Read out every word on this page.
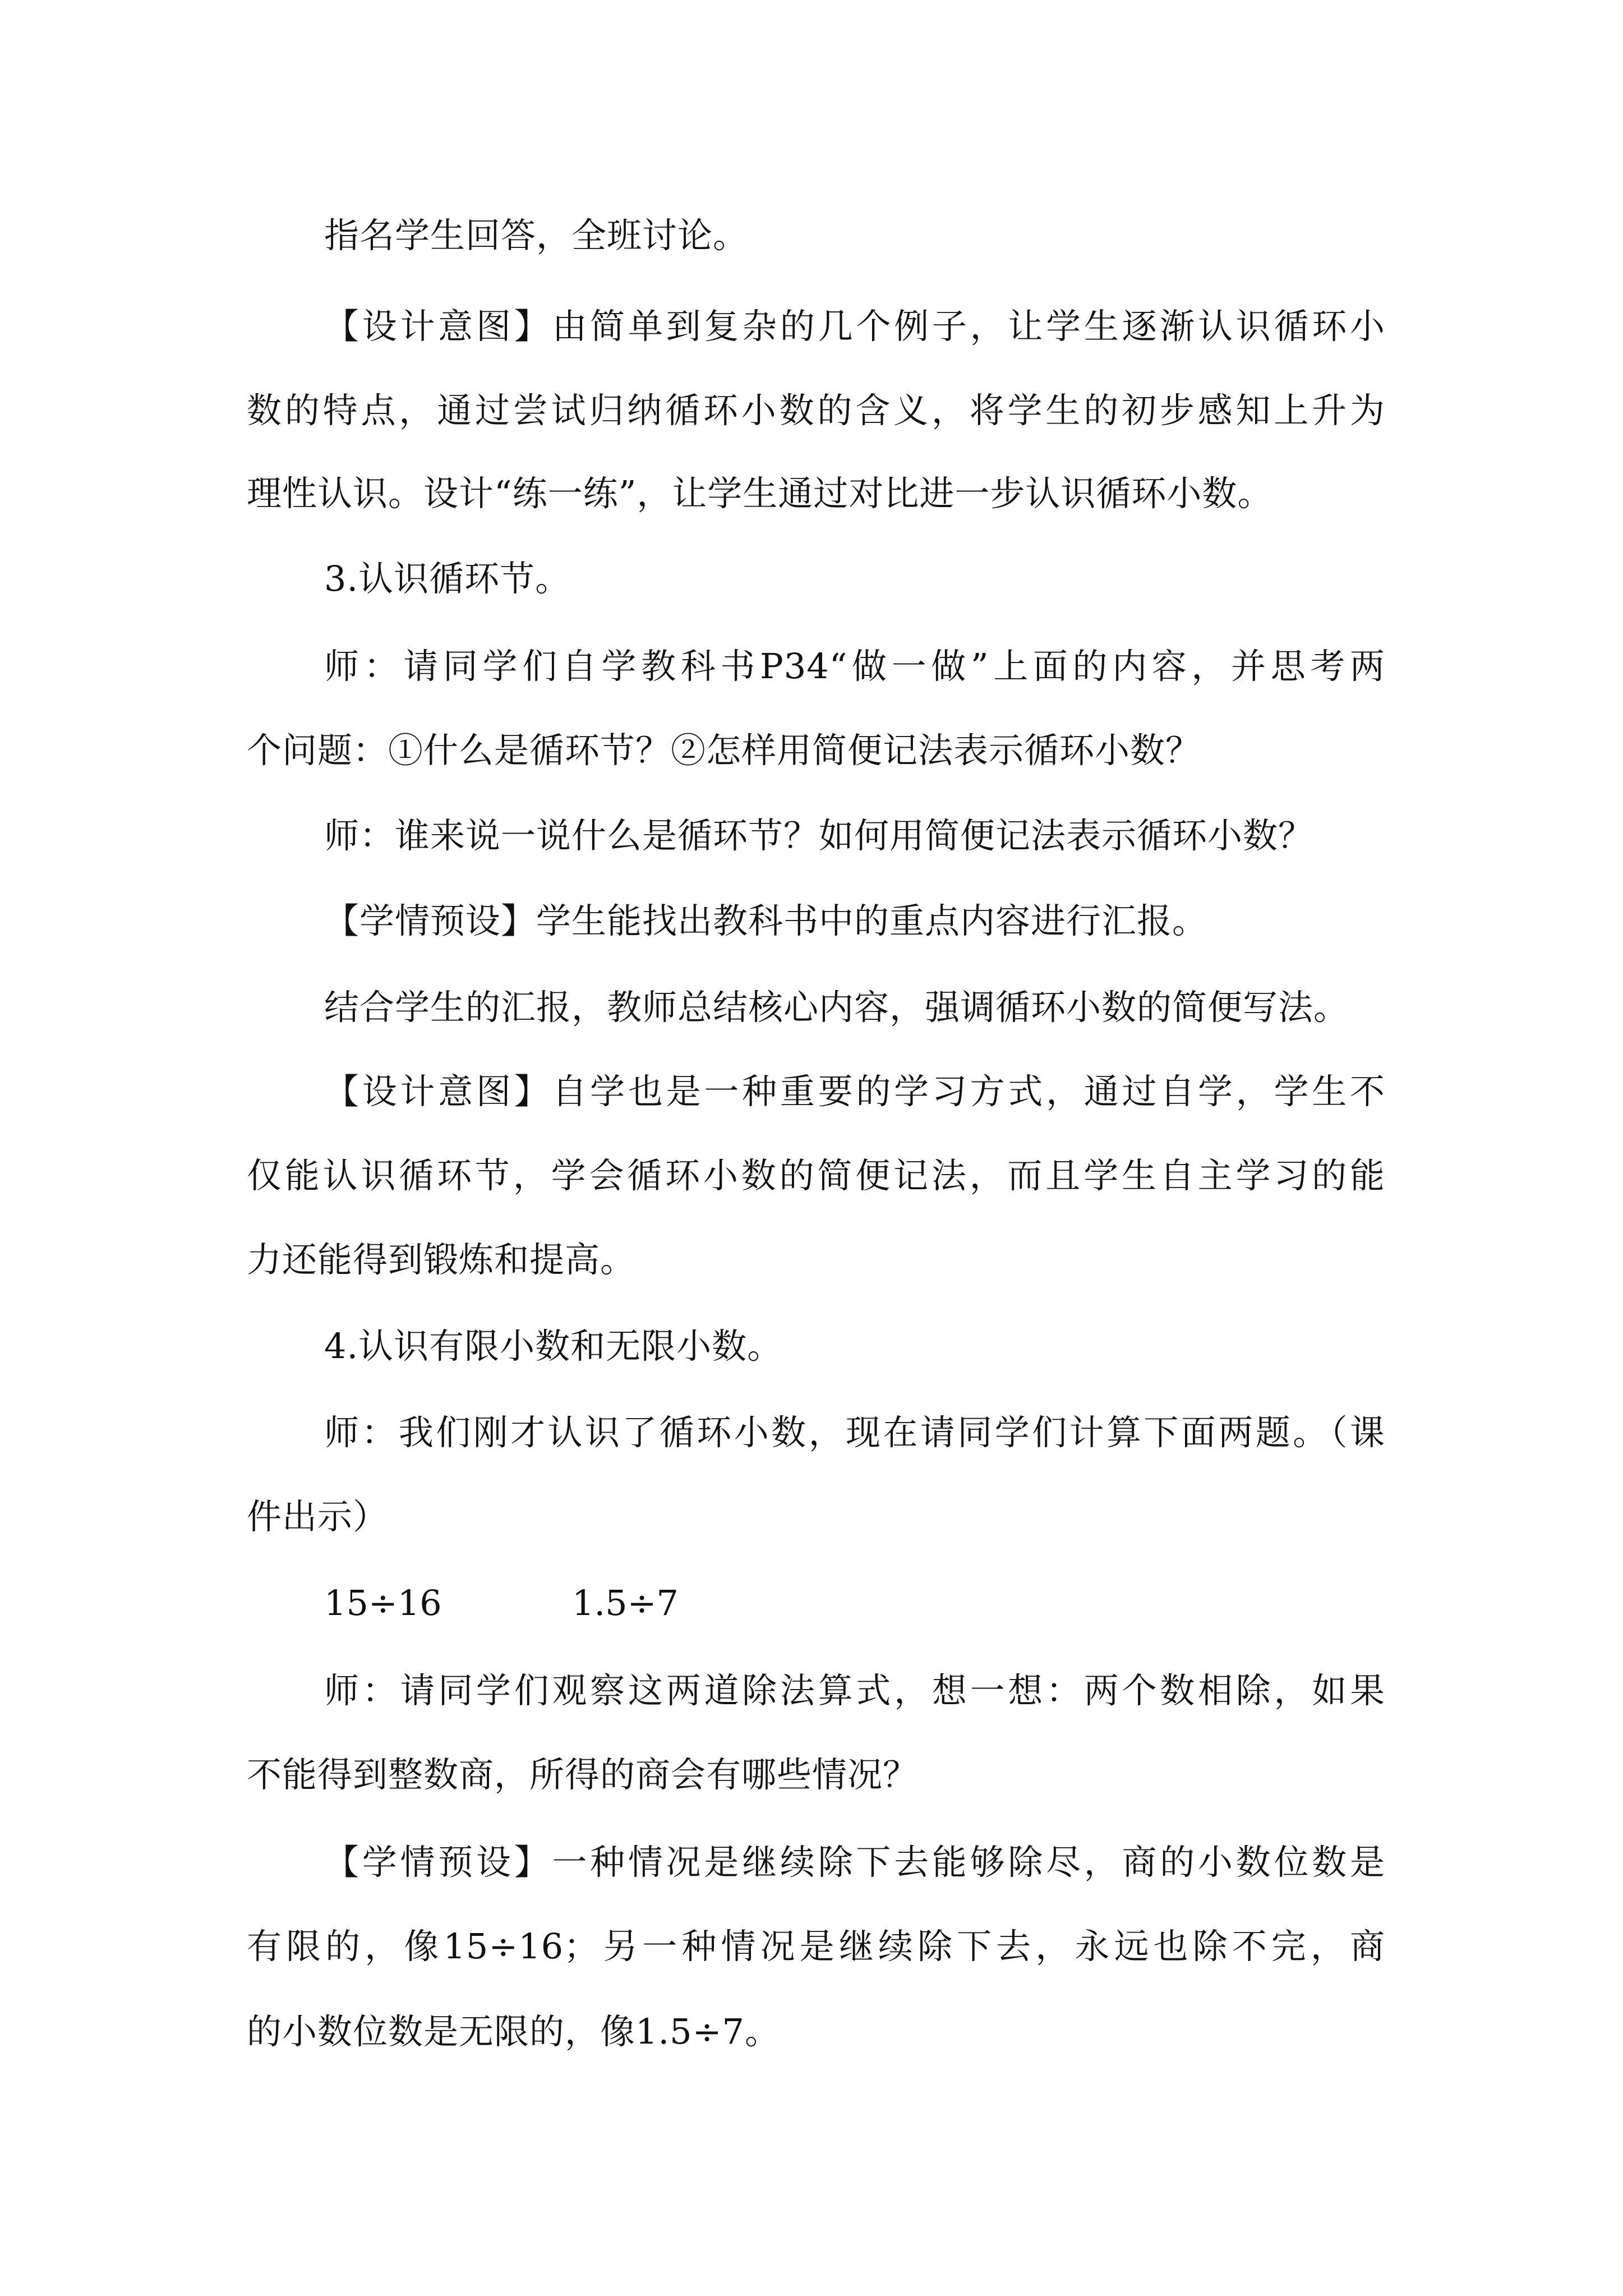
指名学生回答，全班讨论。
【设计意图】由简单到复杂的几个例子，让学生逐渐认识循环小
数的特点，通过尝试归纳循环小数的含义，将学生的初步感知上升为
理性认识。设计“练一练”，让学生通过对比进一步认识循环小数。
3.认识循环节。
师：请同学们自学教科书P34“做一做”上面的内容，并思考两
个问题：①什么是循环节？②怎样用简便记法表示循环小数？
师：谁来说一说什么是循环节？如何用简便记法表示循环小数？
【学情预设】学生能找出教科书中的重点内容进行汇报。
结合学生的汇报，教师总结核心内容，强调循环小数的简便写法。
【设计意图】自学也是一种重要的学习方式，通过自学，学生不
仅能认识循环节，学会循环小数的简便记法，而且学生自主学习的能
力还能得到锻炼和提高。
4.认识有限小数和无限小数。
师：我们刚才认识了循环小数，现在请同学们计算下面两题。（课
件出示）
15÷16	1.5÷7
师：请同学们观察这两道除法算式，想一想：两个数相除，如果
不能得到整数商，所得的商会有哪些情况？
【学情预设】一种情况是继续除下去能够除尽，商的小数位数是
有限的，像15÷16；另一种情况是继续除下去，永远也除不完，商
的小数位数是无限的，像1.5÷7。
